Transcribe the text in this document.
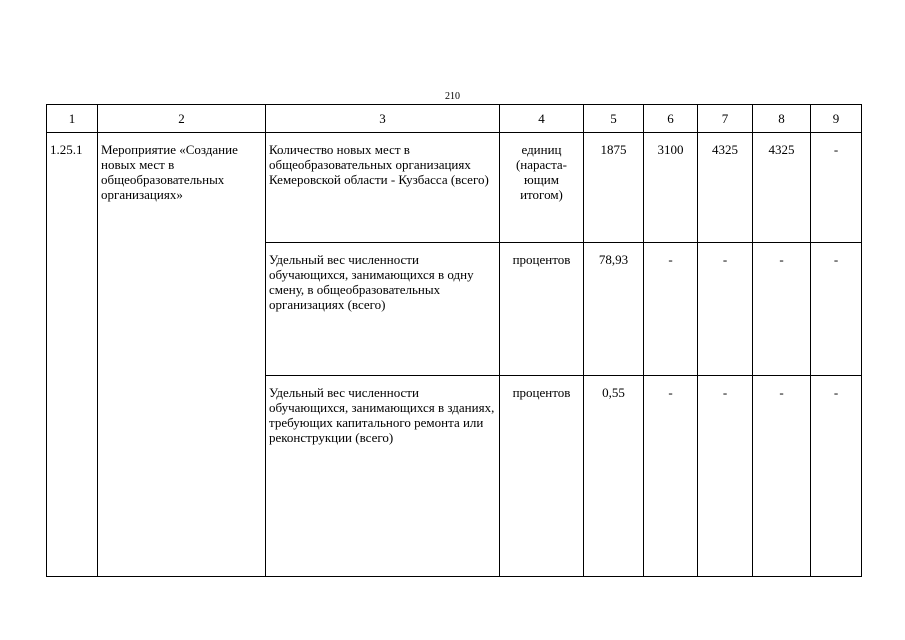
210
1	2	3	4	5	6	7	8	9
1.25.1	Мероприятие «Создание новых мест в общеобразовательных организациях»	Количество новых мест в общеобразовательных организациях Кемеровской области - Кузбасса (всего)	единиц (нараста-ющим итогом)	1875	3100	4325	4325	-
		Удельный вес численности обучающихся, занимающихся в одну смену, в общеобразовательных организациях (всего)	процентов	78,93	-	-	-	-
		Удельный вес численности обучающихся, занимающихся в зданиях, требующих капитального ремонта или реконструкции (всего)	процентов	0,55	-	-	-	-
